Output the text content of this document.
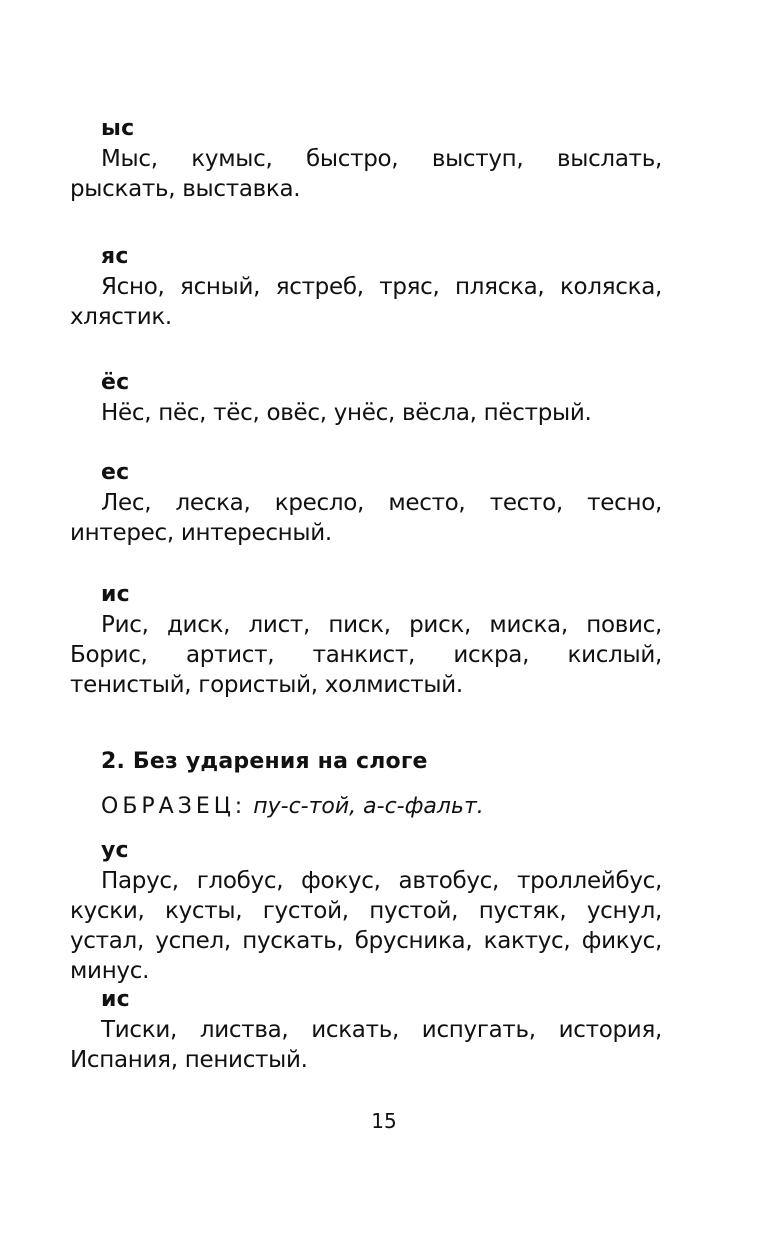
ыс

Мыс, кумыс, быстро, выступ, выслать, рыскать, выставка.

яс

Ясно, ясный, ястреб, тряс, пляска, коляска, хлястик.

ёс

Нёс, пёс, тёс, овёс, унёс, вёсла, пёстрый.

ес

Лес, леска, кресло, место, тесто, тесно, интерес, интересный.

ис

Рис, диск, лист, писк, риск, миска, повис, Борис, артист, танкист, искра, кислый, тенистый, гористый, холмистый.

2. Без ударения на слоге
ОБРАЗЕЦ: пу-с-той, а-с-фальт.
ус

Парус, глобус, фокус, автобус, троллейбус, куски, кусты, густой, пустой, пустяк, уснул, устал, успел, пускать, брусника, кактус, фикус, минус.

ис

Тиски, листва, искать, испугать, история, Испания, пенистый.

15
